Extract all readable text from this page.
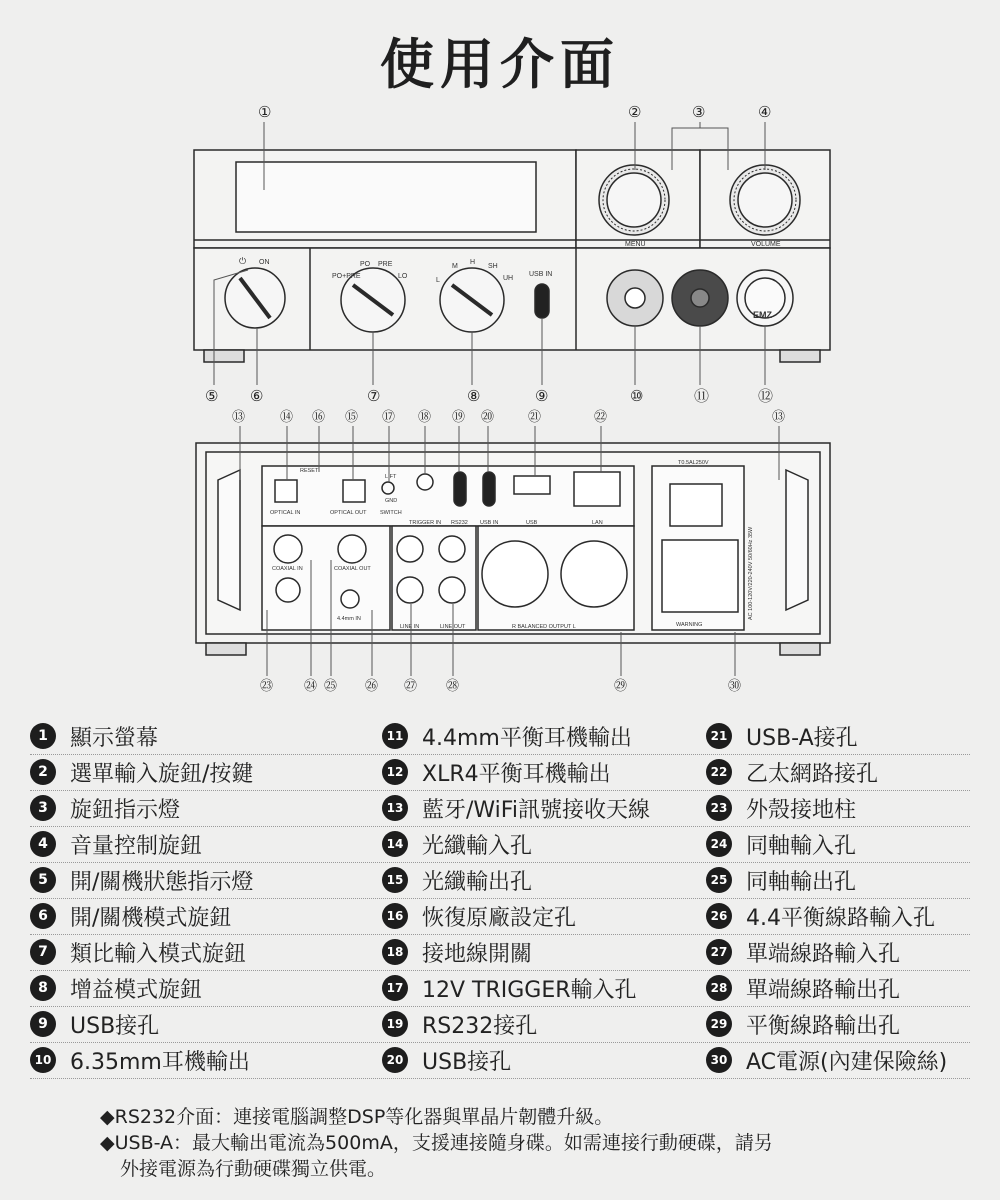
使用介面
MENU	VOLUME
⏻ ON
PO+PRE
PO PRE
LO
L
M
H
SH
UH
USB IN
EMZ
①	②	③	④
⑤ ⑥	⑦	⑧	⑨	⑩	⑪	⑫
RESET
LIFT
GND
OPTICAL IN	OPTICAL OUT SWITCH
TRIGGER IN RS232 USB IN	USB	LAN
COAXIAL IN	COAXIAL OUT
4.4mm IN
LINE IN	LINE OUT	R BALANCED OUTPUT L
T0.5AL250V
WARNING
AC 100-120V/220-240V 50/60Hz 35W
⑬	⑭ ⑯ ⑮ ⑰ ⑱ ⑲ ⑳	㉑	㉒	⑬
㉓ ㉔ ㉕ ㉖ ㉗ ㉘	㉙	㉚
1	顯示螢幕	11 4.4mm平衡耳機輸出	21 USB-A接孔
2	選單輸入旋鈕/按鍵	12 XLR4平衡耳機輸出	22 乙太網路接孔
3	旋鈕指示燈	13 藍牙/WiFi訊號接收天線	23 外殼接地柱
4	音量控制旋鈕	14 光纖輸入孔	24 同軸輸入孔
5	開/關機狀態指示燈	15 光纖輸出孔	25 同軸輸出孔
6	開/關機模式旋鈕	16 恢復原廠設定孔	26 4.4平衡線路輸入孔
7	類比輸入模式旋鈕	18 接地線開關	27 單端線路輸入孔
8	增益模式旋鈕	17 12V TRIGGER輸入孔	28 單端線路輸出孔
9	USB接孔	19 RS232接孔	29 平衡線路輸出孔
10 6.35mm耳機輸出	20 USB接孔	30 AC電源(內建保險絲)
◆RS232介面：連接電腦調整DSP等化器與單晶片韌體升級。
◆USB-A：最大輸出電流為500mA，支援連接隨身碟。如需連接行動硬碟，請另
外接電源為行動硬碟獨立供電。
